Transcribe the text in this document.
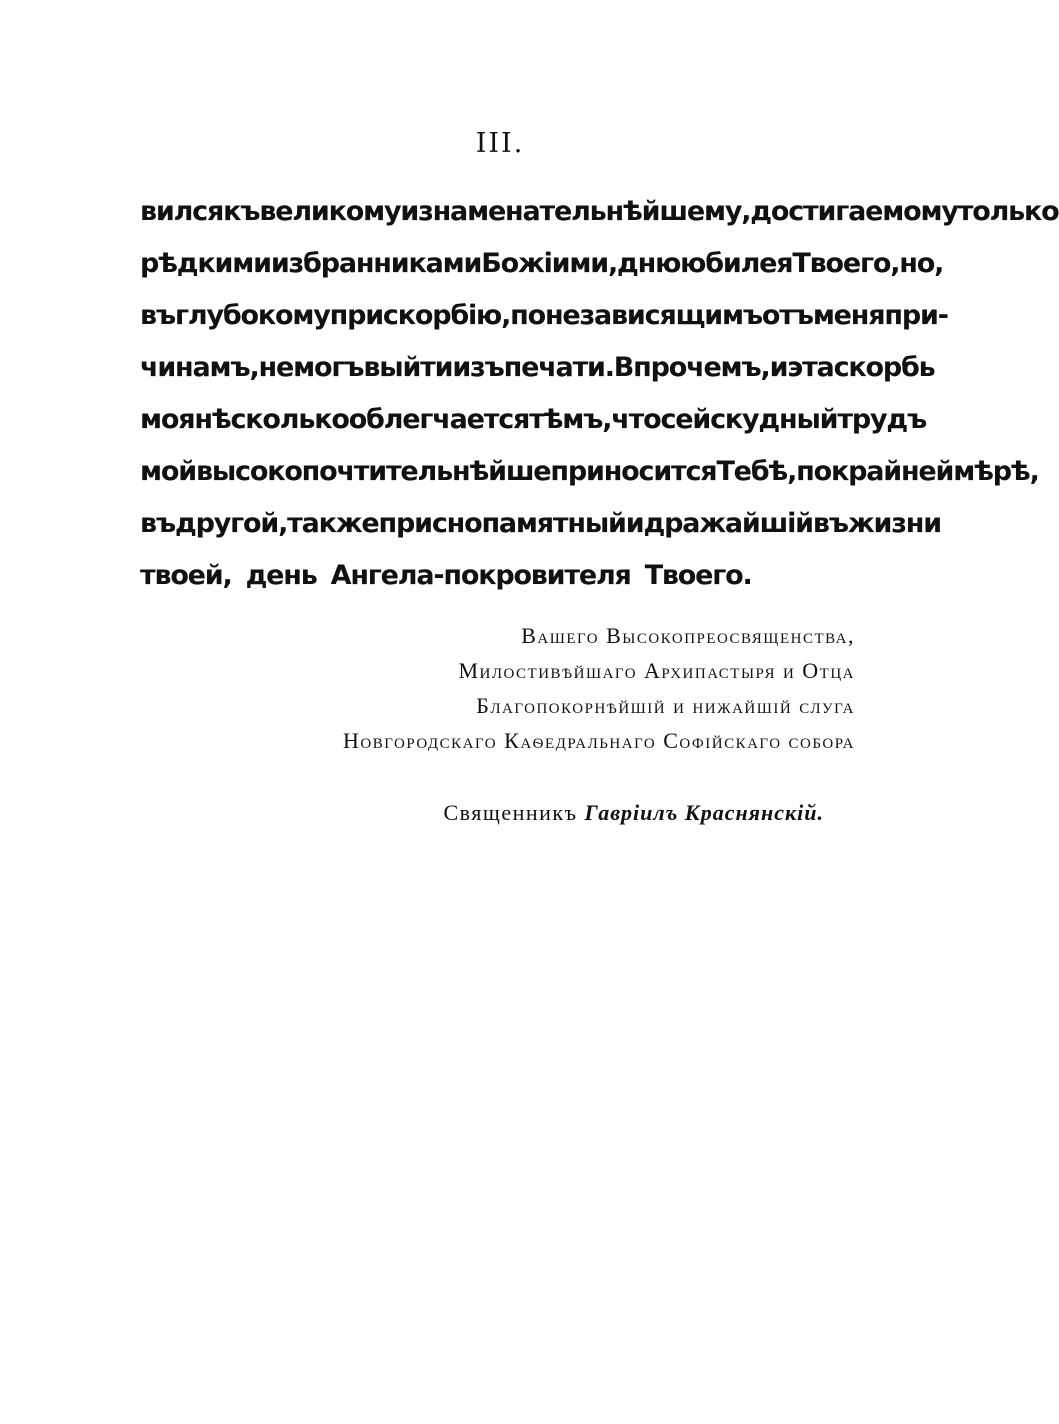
III.
вился къ великому и знаменательнѣйшему, достигаемому только
рѣдкими избранниками Божіими, дню юбилея Твоего, но,
въ глубокому прискорбію, по независящимъ отъ меня при-
чинамъ, не могъ выйти изъ печати. Впрочемъ, и эта скорбь
моя нѣсколько облегчается тѣмъ, что сей скудный трудъ
мой высокопочтительнѣйше приносится Тебѣ, по крайней мѣрѣ,
въ другой, также приснопамятный и дражайшій въ жизни
твоей, день Ангела-покровителя Твоего.
Вашего Высокопреосвященства,
Милостивѣйшаго Архипастыря и Отца
Благопокорнѣйшій и нижайшій слуга
Новгородскаго Каѳедральнаго Софійскаго собора
Священникъ Гавріилъ Краснянскій.
